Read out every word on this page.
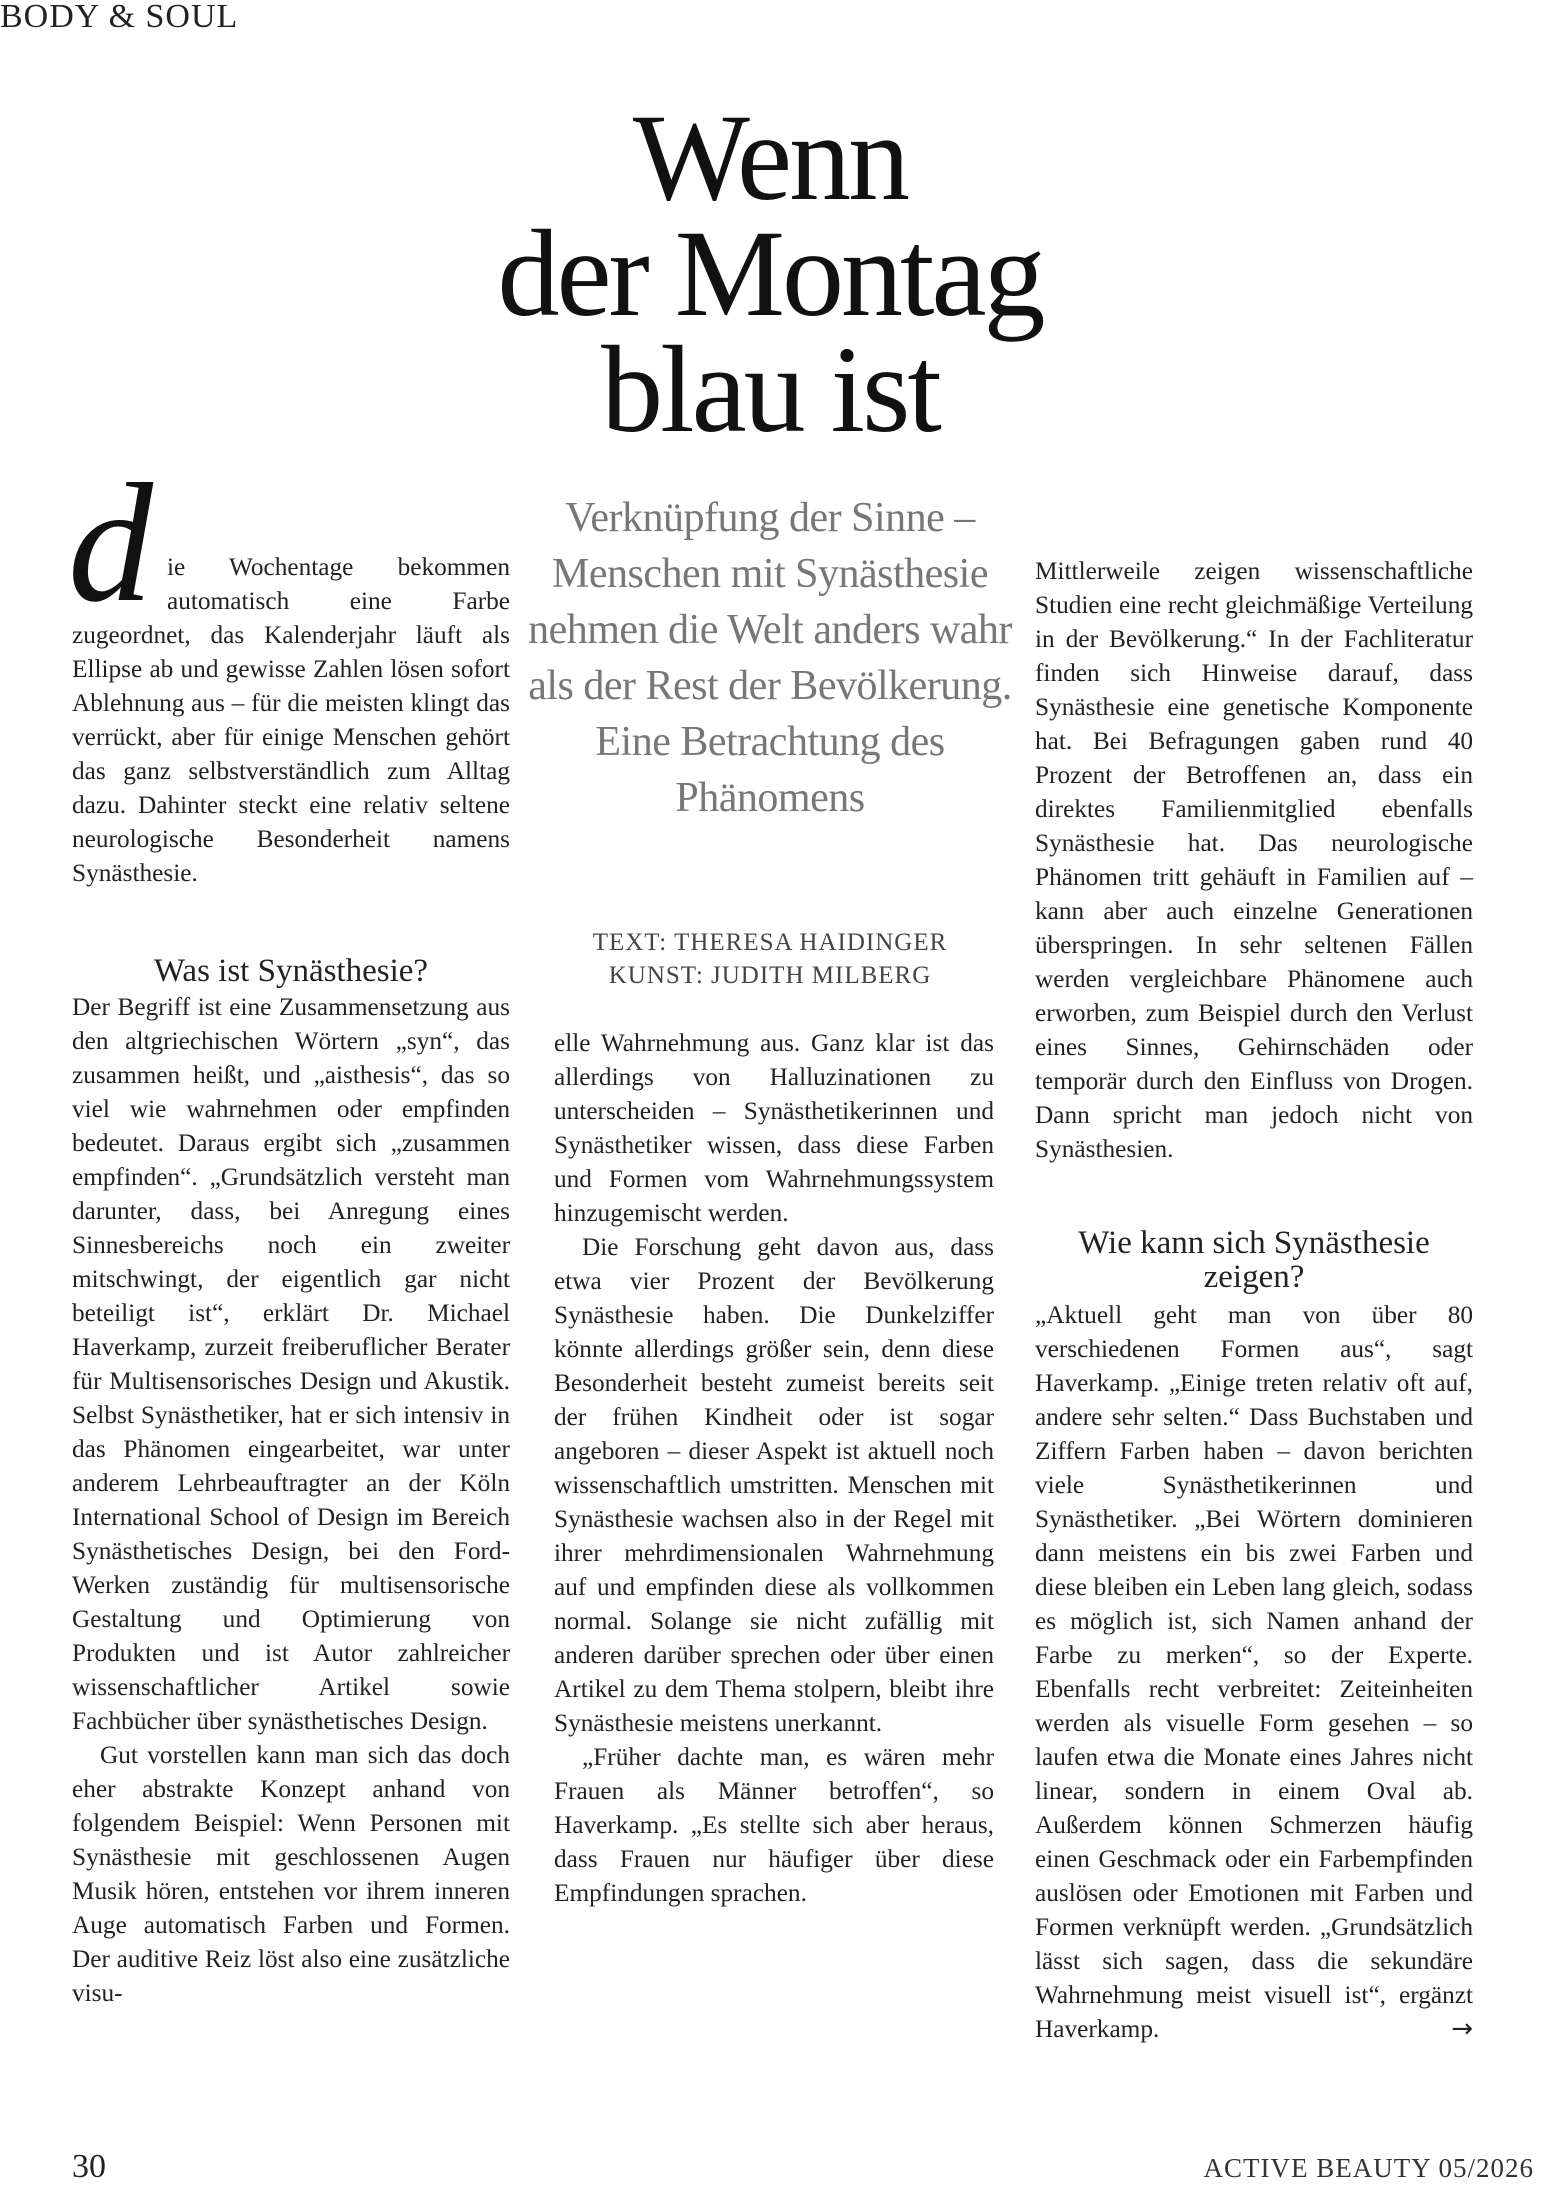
BODY & SOUL
Wenn
der Montag
blau ist
Verknüpfung der Sinne – Menschen mit Synästhesie nehmen die Welt anders wahr als der Rest der Bevölkerung. Eine Betrachtung des Phänomens
TEXT: THERESA HAIDINGER
KUNST: JUDITH MILBERG
d ie Wochentage bekommen automatisch eine Farbe zugeordnet, das Kalenderjahr läuft als Ellipse ab und gewisse Zahlen lösen sofort Ablehnung aus – für die meisten klingt das verrückt, aber für einige Menschen gehört das ganz selbstverständlich zum Alltag dazu. Dahinter steckt eine relativ seltene neurologische Besonderheit namens Synästhesie.

Was ist Synästhesie?

Der Begriff ist eine Zusammensetzung aus den altgriechischen Wörtern „syn“, das zusammen heißt, und „aisthesis“, das so viel wie wahrnehmen oder empfinden bedeutet. Daraus ergibt sich „zusammen empfinden“. „Grundsätzlich versteht man darunter, dass, bei Anregung eines Sinnesbereichs noch ein zweiter mitschwingt, der eigentlich gar nicht beteiligt ist“, erklärt Dr. Michael Haverkamp, zurzeit freiberuflicher Berater für Multisensorisches Design und Akustik. Selbst Synästhetiker, hat er sich intensiv in das Phänomen eingearbeitet, war unter anderem Lehrbeauftragter an der Köln International School of Design im Bereich Synästhetisches Design, bei den Ford-Werken zuständig für multisensorische Gestaltung und Optimierung von Produkten und ist Autor zahlreicher wissenschaftlicher Artikel sowie Fachbücher über synästhetisches Design.

Gut vorstellen kann man sich das doch eher abstrakte Konzept anhand von folgendem Beispiel: Wenn Personen mit Synästhesie mit geschlossenen Augen Musik hören, entstehen vor ihrem inneren Auge automatisch Farben und Formen. Der auditive Reiz löst also eine zusätzliche visu-

elle Wahrnehmung aus. Ganz klar ist das allerdings von Halluzinationen zu unterscheiden – Synästhetikerinnen und Synästhetiker wissen, dass diese Farben und Formen vom Wahrnehmungssystem hinzugemischt werden.

Die Forschung geht davon aus, dass etwa vier Prozent der Bevölkerung Synästhesie haben. Die Dunkelziffer könnte allerdings größer sein, denn diese Besonderheit besteht zumeist bereits seit der frühen Kindheit oder ist sogar angeboren – dieser Aspekt ist aktuell noch wissenschaftlich umstritten. Menschen mit Synästhesie wachsen also in der Regel mit ihrer mehrdimensionalen Wahrnehmung auf und empfinden diese als vollkommen normal. Solange sie nicht zufällig mit anderen darüber sprechen oder über einen Artikel zu dem Thema stolpern, bleibt ihre Synästhesie meistens unerkannt.

„Früher dachte man, es wären mehr Frauen als Männer betroffen“, so Haverkamp. „Es stellte sich aber heraus, dass Frauen nur häufiger über diese Empfindungen sprachen.

Mittlerweile zeigen wissenschaftliche Studien eine recht gleichmäßige Verteilung in der Bevölkerung.“ In der Fachliteratur finden sich Hinweise darauf, dass Synästhesie eine genetische Komponente hat. Bei Befragungen gaben rund 40 Prozent der Betroffenen an, dass ein direktes Familienmitglied ebenfalls Synästhesie hat. Das neurologische Phänomen tritt gehäuft in Familien auf – kann aber auch einzelne Generationen überspringen. In sehr seltenen Fällen werden vergleichbare Phänomene auch erworben, zum Beispiel durch den Verlust eines Sinnes, Gehirnschäden oder temporär durch den Einfluss von Drogen. Dann spricht man jedoch nicht von Synästhesien.

Wie kann sich Synästhesie zeigen?

„Aktuell geht man von über 80 verschiedenen Formen aus“, sagt Haverkamp. „Einige treten relativ oft auf, andere sehr selten.“ Dass Buchstaben und Ziffern Farben haben – davon berichten viele Synästhetikerinnen und Synästhetiker. „Bei Wörtern dominieren dann meistens ein bis zwei Farben und diese bleiben ein Leben lang gleich, sodass es möglich ist, sich Namen anhand der Farbe zu merken“, so der Experte. Ebenfalls recht verbreitet: Zeiteinheiten werden als visuelle Form gesehen – so laufen etwa die Monate eines Jahres nicht linear, sondern in einem Oval ab. Außerdem können Schmerzen häufig einen Geschmack oder ein Farbempfinden auslösen oder Emotionen mit Farben und Formen verknüpft werden. „Grundsätzlich lässt sich sagen, dass die sekundäre Wahrnehmung meist visuell ist“, ergänzt Haverkamp.	→

30	ACTIVE BEAUTY 05/2026
